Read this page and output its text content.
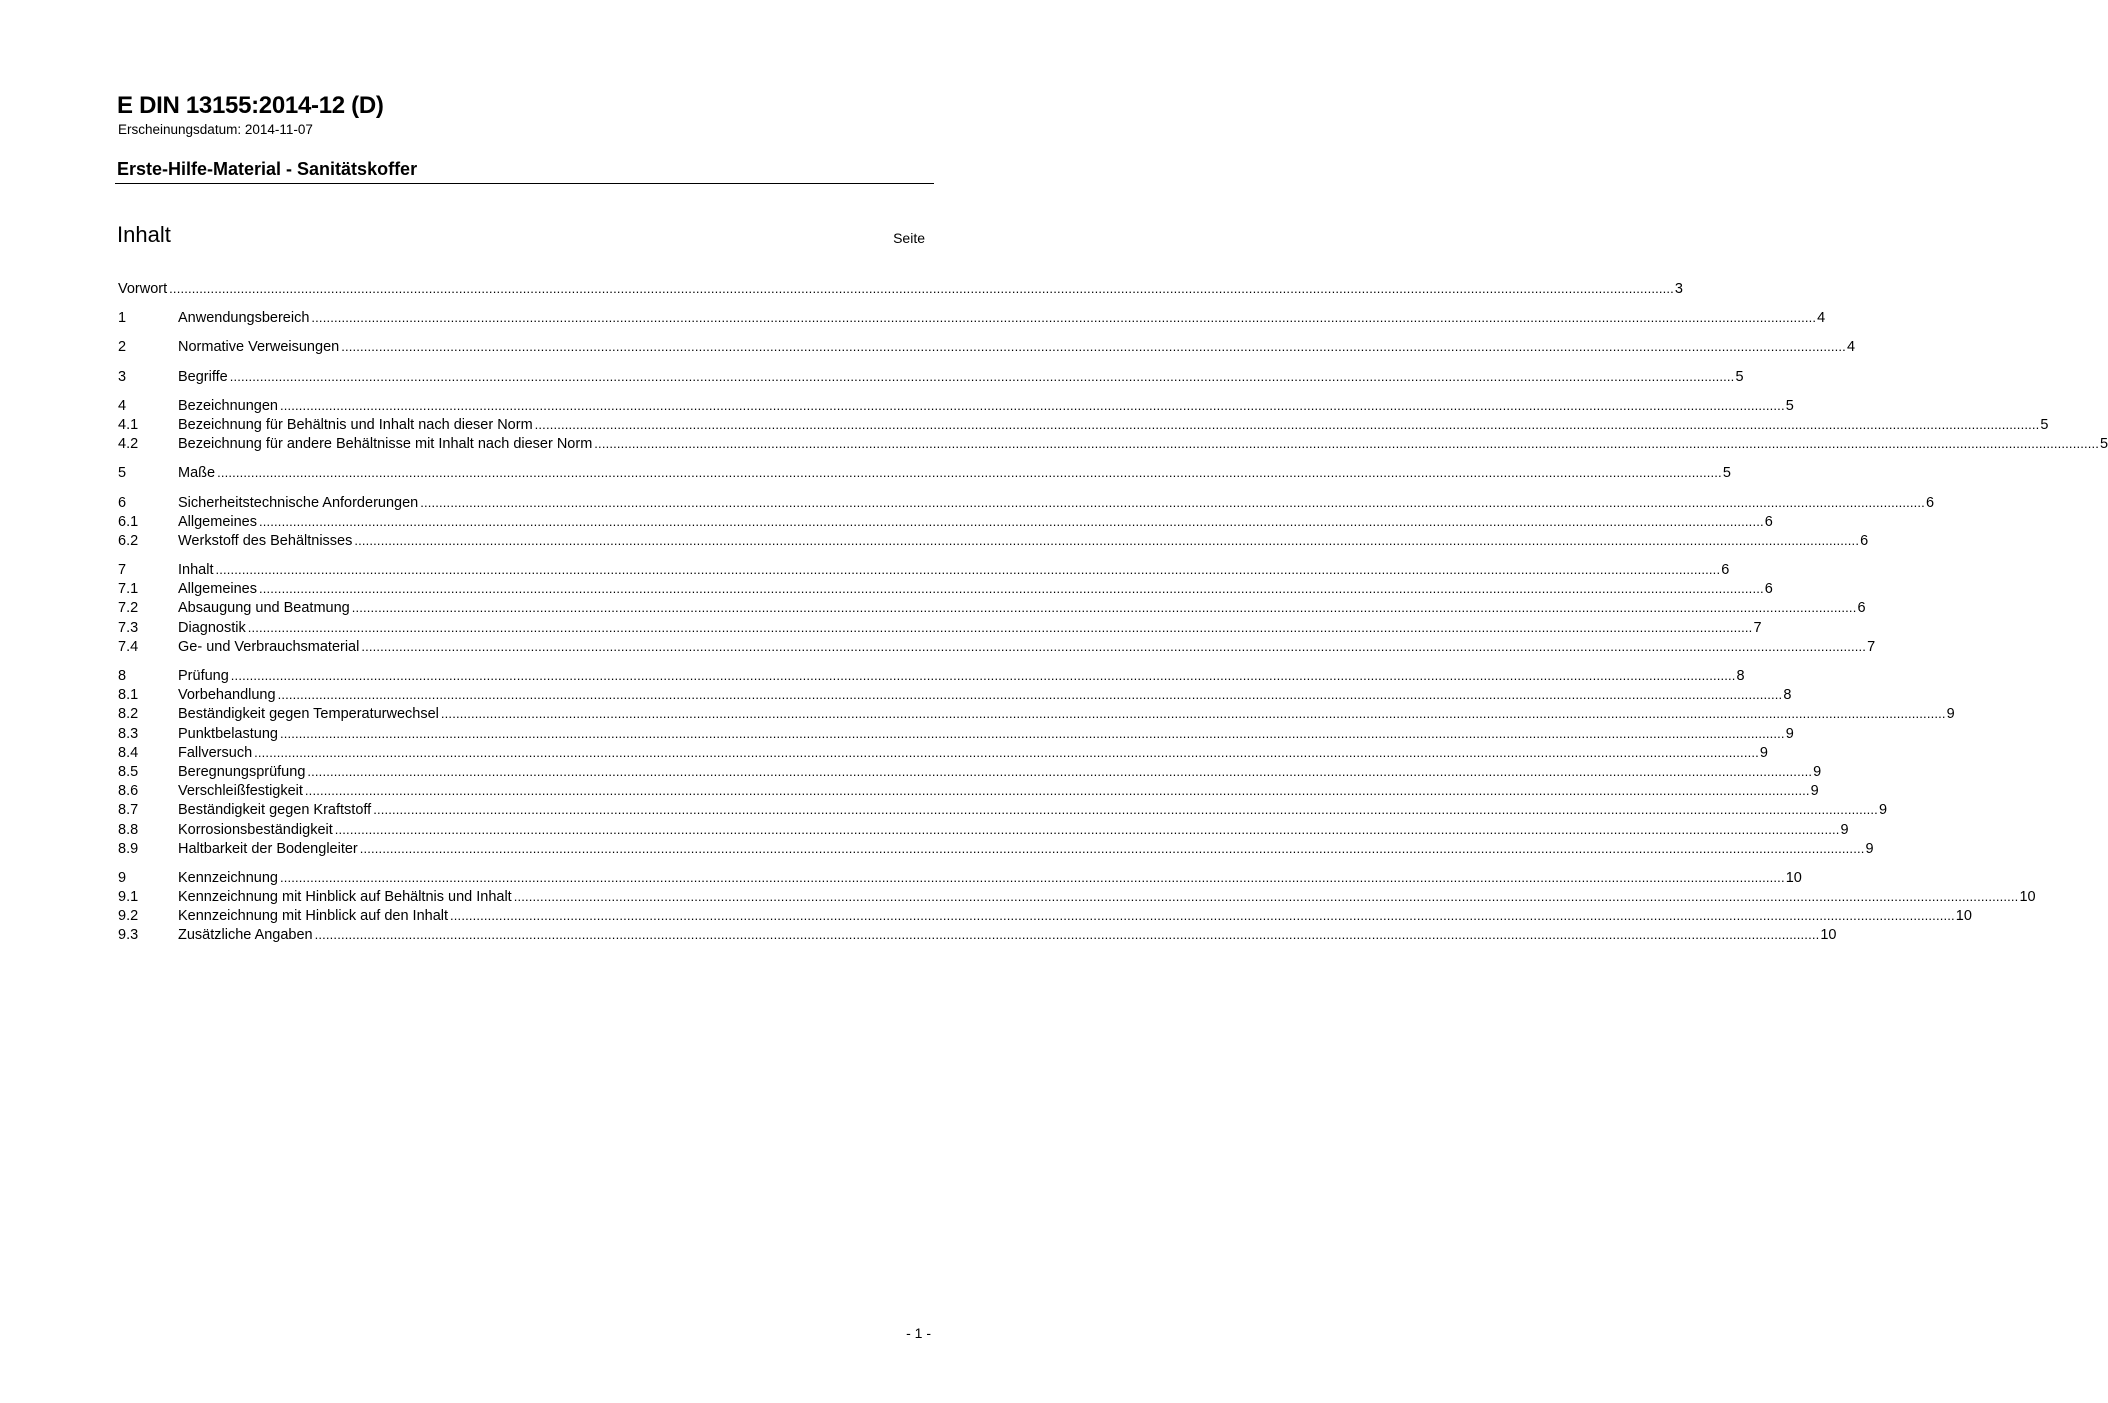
E DIN 13155:2014-12 (D)
Erscheinungsdatum: 2014-11-07
Erste-Hilfe-Material - Sanitätskoffer
Inhalt	Seite
Vorwort ................................................................................................................................................................................................................................................................................................................................................................................................................ 3
1	Anwendungsbereich ................................................................................................................................................................................................................................................................................................................................................................................................................ 4
2	Normative Verweisungen ................................................................................................................................................................................................................................................................................................................................................................................................................ 4
3	Begriffe ................................................................................................................................................................................................................................................................................................................................................................................................................ 5
4	Bezeichnungen ................................................................................................................................................................................................................................................................................................................................................................................................................ 5
4.1	Bezeichnung für Behältnis und Inhalt nach dieser Norm ................................................................................................................................................................................................................................................................................................................................................................................................................ 5
4.2	Bezeichnung für andere Behältnisse mit Inhalt nach dieser Norm ................................................................................................................................................................................................................................................................................................................................................................................................................ 5
5	Maße ................................................................................................................................................................................................................................................................................................................................................................................................................ 5
6	Sicherheitstechnische Anforderungen ................................................................................................................................................................................................................................................................................................................................................................................................................ 6
6.1	Allgemeines ................................................................................................................................................................................................................................................................................................................................................................................................................ 6
6.2	Werkstoff des Behältnisses ................................................................................................................................................................................................................................................................................................................................................................................................................ 6
7	Inhalt ................................................................................................................................................................................................................................................................................................................................................................................................................ 6
7.1	Allgemeines ................................................................................................................................................................................................................................................................................................................................................................................................................ 6
7.2	Absaugung und Beatmung ................................................................................................................................................................................................................................................................................................................................................................................................................ 6
7.3	Diagnostik ................................................................................................................................................................................................................................................................................................................................................................................................................ 7
7.4	Ge- und Verbrauchsmaterial ................................................................................................................................................................................................................................................................................................................................................................................................................ 7
8	Prüfung ................................................................................................................................................................................................................................................................................................................................................................................................................ 8
8.1	Vorbehandlung ................................................................................................................................................................................................................................................................................................................................................................................................................ 8
8.2	Beständigkeit gegen Temperaturwechsel ................................................................................................................................................................................................................................................................................................................................................................................................................ 9
8.3	Punktbelastung ................................................................................................................................................................................................................................................................................................................................................................................................................ 9
8.4	Fallversuch ................................................................................................................................................................................................................................................................................................................................................................................................................ 9
8.5	Beregnungsprüfung ................................................................................................................................................................................................................................................................................................................................................................................................................ 9
8.6	Verschleißfestigkeit ................................................................................................................................................................................................................................................................................................................................................................................................................ 9
8.7	Beständigkeit gegen Kraftstoff ................................................................................................................................................................................................................................................................................................................................................................................................................ 9
8.8	Korrosionsbeständigkeit ................................................................................................................................................................................................................................................................................................................................................................................................................ 9
8.9	Haltbarkeit der Bodengleiter ................................................................................................................................................................................................................................................................................................................................................................................................................ 9
9	Kennzeichnung ................................................................................................................................................................................................................................................................................................................................................................................................................ 10
9.1	Kennzeichnung mit Hinblick auf Behältnis und Inhalt ................................................................................................................................................................................................................................................................................................................................................................................................................ 10
9.2	Kennzeichnung mit Hinblick auf den Inhalt ................................................................................................................................................................................................................................................................................................................................................................................................................ 10
9.3	Zusätzliche Angaben ................................................................................................................................................................................................................................................................................................................................................................................................................ 10
- 1 -
